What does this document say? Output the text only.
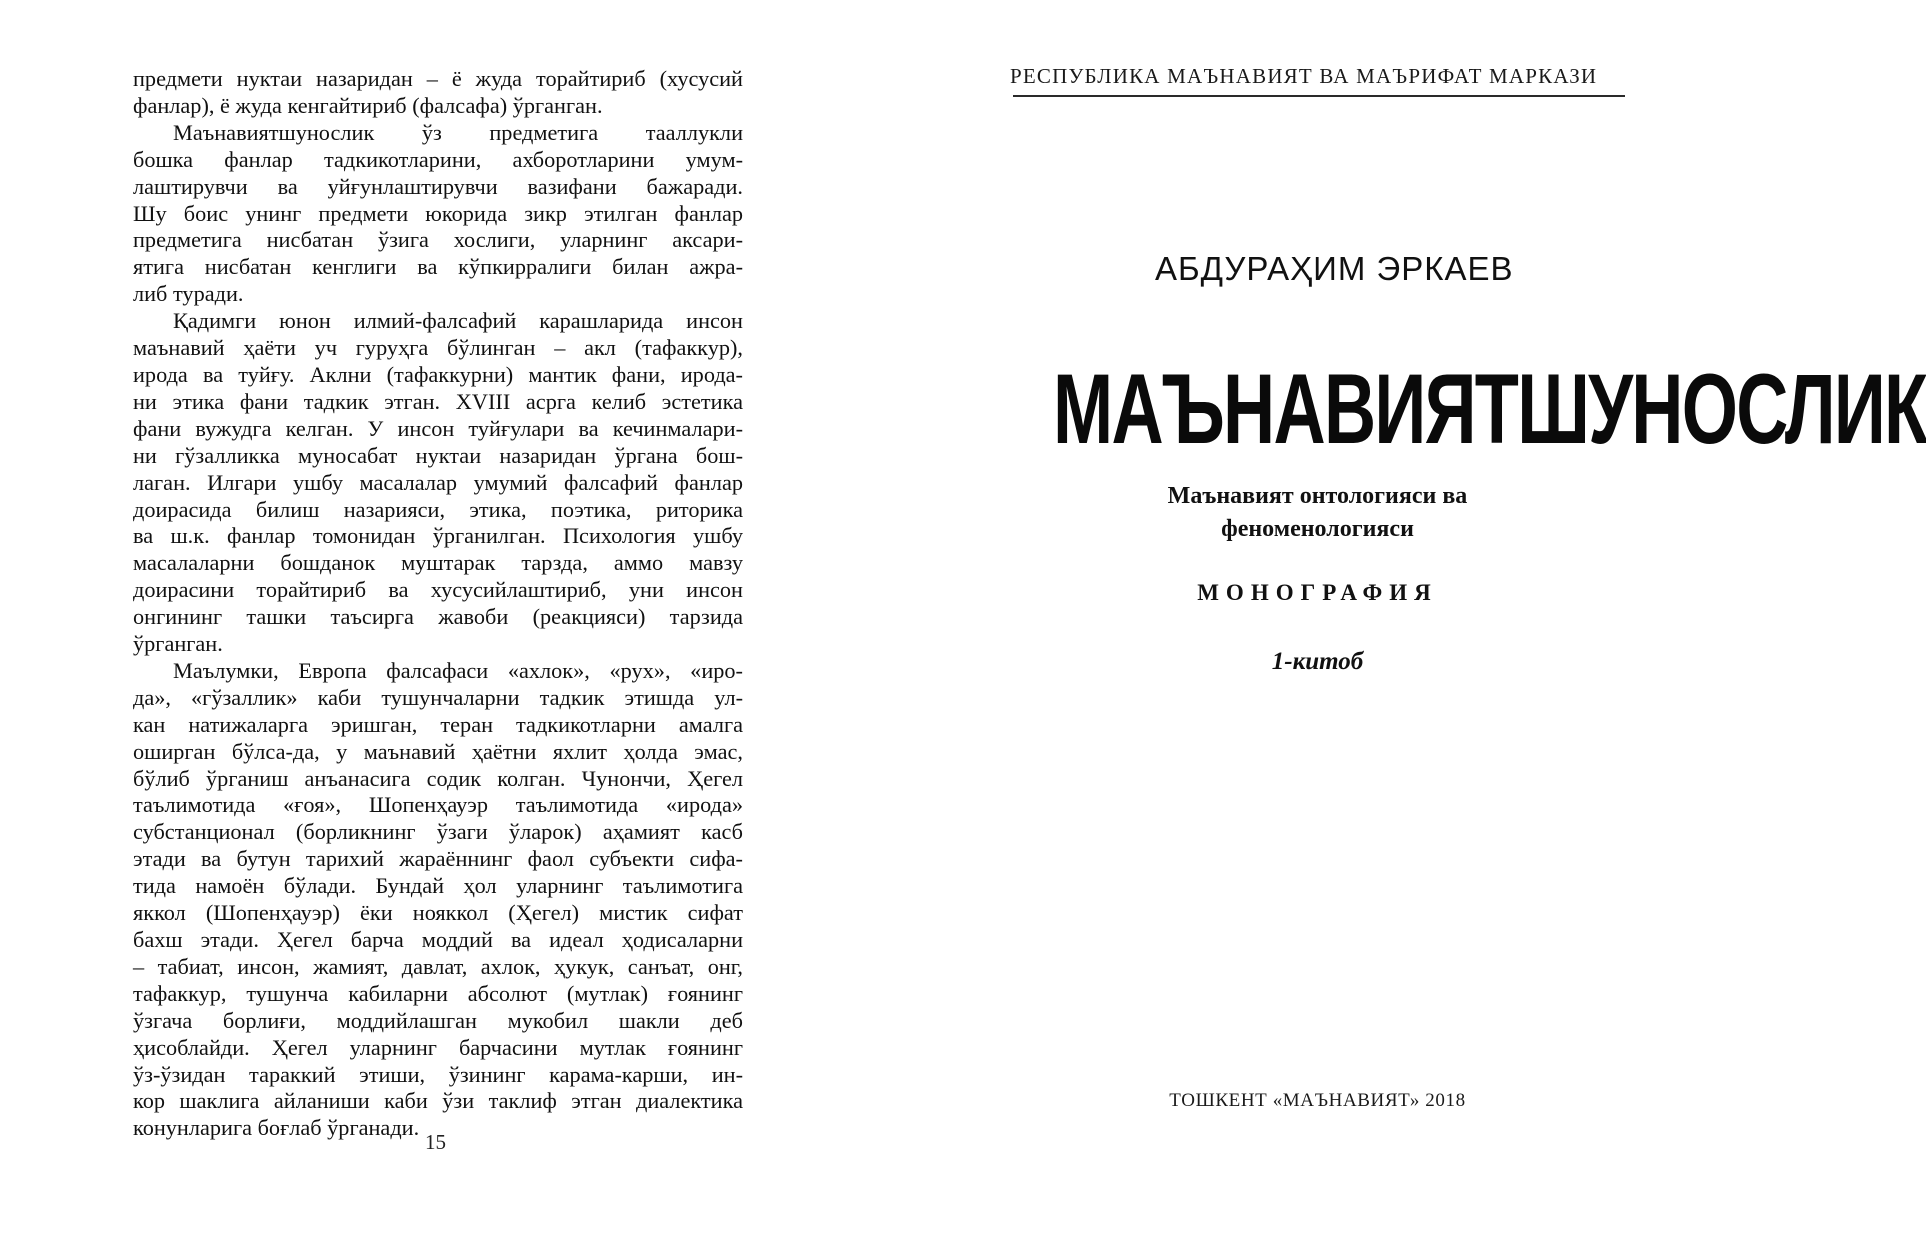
предмети нуктаи назаридан – ё жуда торайтириб (хусусий
фанлар), ё жуда кенгайтириб (фалсафа) ўрганган.

Маънавиятшунослик ўз предметига тааллукли
бошка фанлар тадкикотларини, ахборотларини умум-
лаштирувчи ва уйғунлаштирувчи вазифани бажаради.
Шу боис унинг предмети юкорида зикр этилган фанлар
предметига нисбатан ўзига хослиги, уларнинг аксари-
ятига нисбатан кенглиги ва кўпкирралиги билан ажра-
либ туради.

Қадимги юнон илмий-фалсафий карашларида инсон
маънавий ҳаёти уч гуруҳга бўлинган – акл (тафаккур),
ирода ва туйғу. Аклни (тафаккурни) мантик фани, ирода-
ни этика фани тадкик этган. XVIII асрга келиб эстетика
фани вужудга келган. У инсон туйғулари ва кечинмалари-
ни гўзалликка муносабат нуктаи назаридан ўргана бош-
лаган. Илгари ушбу масалалар умумий фалсафий фанлар
доирасида билиш назарияси, этика, поэтика, риторика
ва ш.к. фанлар томонидан ўрганилган. Психология ушбу
масалаларни бошданок муштарак тарзда, аммо мавзу
доирасини торайтириб ва хусусийлаштириб, уни инсон
онгининг ташки таъсирга жавоби (реакцияси) тарзида
ўрганган.

Маълумки, Европа фалсафаси «ахлок», «рух», «иро-
да», «гўзаллик» каби тушунчаларни тадкик этишда ул-
кан натижаларга эришган, теран тадкикотларни амалга
оширган бўлса-да, у маънавий ҳаётни яхлит ҳолда эмас,
бўлиб ўрганиш анъанасига содик колган. Чунончи, Ҳегел
таълимотида «ғоя», Шопенҳауэр таълимотида «ирода»
субстанционал (борликнинг ўзаги ўларок) аҳамият касб
этади ва бутун тарихий жараённинг фаол субъекти сифа-
тида намоён бўлади. Бундай ҳол уларнинг таълимотига
яккол (Шопенҳауэр) ёки нояккол (Ҳегел) мистик сифат
бахш этади. Ҳегел барча моддий ва идеал ҳодисаларни
– табиат, инсон, жамият, давлат, ахлок, ҳукук, санъат, онг,
тафаккур, тушунча кабиларни абсолют (мутлак) ғоянинг
ўзгача борлиғи, моддийлашган мукобил шакли деб
ҳисоблайди. Ҳегел уларнинг барчасини мутлак ғоянинг
ўз-ўзидан тараккий этиши, ўзининг карама-карши, ин-
кор шаклига айланиши каби ўзи таклиф этган диалектика
конунларига боғлаб ўрганади.

15
РЕСПУБЛИКА МАЪНАВИЯТ ВА МАЪРИФАТ МАРКАЗИ
АБДУРАҲИМ ЭРКАЕВ
МАЪНАВИЯТШУНОСЛИК
Маънавият онтологияси ва
феноменологияси
МОНОГРАФИЯ
1-китоб
ТОШКЕНТ «МАЪНАВИЯТ» 2018
